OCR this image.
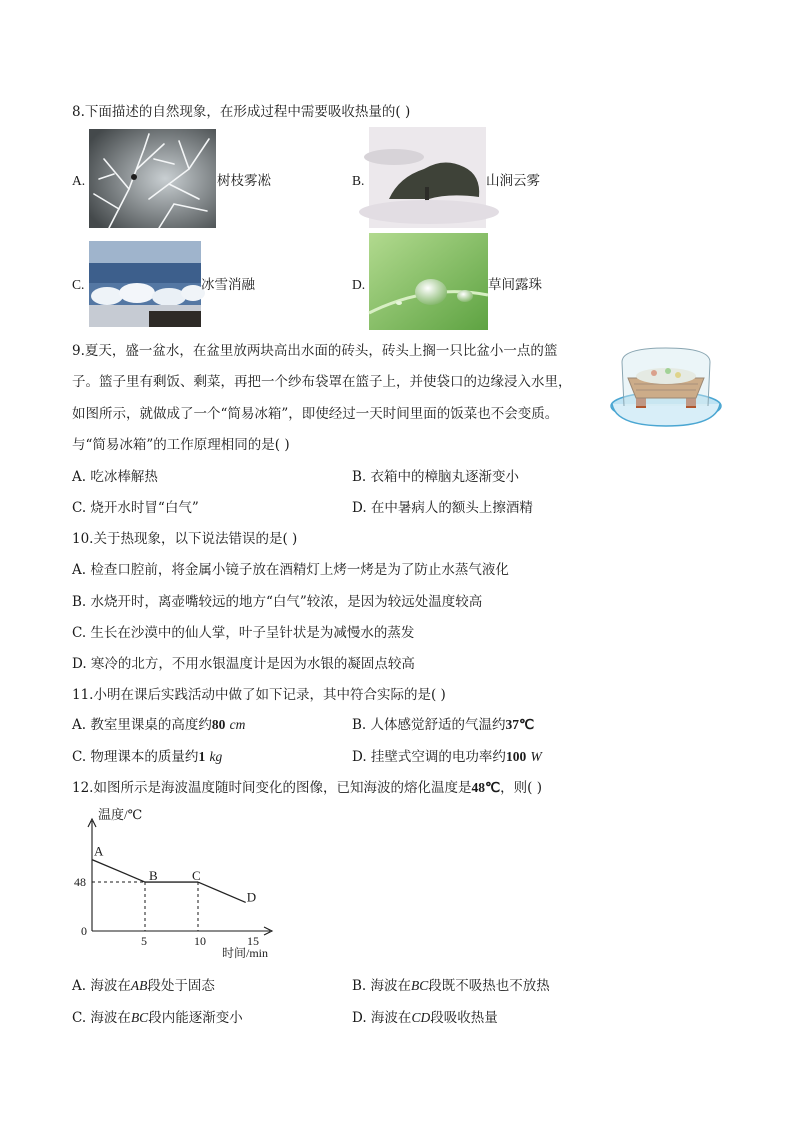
8.下面描述的自然现象，在形成过程中需要吸收热量的( )
A.	树枝雾凇	B.	山涧云雾
C.	冰雪消融	D.	草间露珠
9.夏天，盛一盆水，在盆里放两块高出水面的砖头，砖头上搁一只比盆小一点的篮
子。篮子里有剩饭、剩菜，再把一个纱布袋罩在篮子上，并使袋口的边缘浸入水里，
如图所示，就做成了一个“简易冰箱”，即使经过一天时间里面的饭菜也不会变质。
与“简易冰箱”的工作原理相同的是( )
A. 吃冰棒解热	B. 衣箱中的樟脑丸逐渐变小
C. 烧开水时冒“白气”	D. 在中暑病人的额头上擦酒精
10.关于热现象，以下说法错误的是( )
A. 检查口腔前，将金属小镜子放在酒精灯上烤一烤是为了防止水蒸气液化
B. 水烧开时，离壶嘴较远的地方“白气”较浓，是因为较远处温度较高
C. 生长在沙漠中的仙人掌，叶子呈针状是为减慢水的蒸发
D. 寒冷的北方，不用水银温度计是因为水银的凝固点较高
11.小明在课后实践活动中做了如下记录，其中符合实际的是( )
A. 教室里课桌的高度约80 cm	B. 人体感觉舒适的气温约37℃
C. 物理课本的质量约1 kg	D. 挂壁式空调的电功率约100 W
12.如图所示是海波温度随时间变化的图像，已知海波的熔化温度是48℃，则( )
温度/℃
时间/min
0
A
B	C
D
5	10	15
48
A. 海波在AB段处于固态	B. 海波在BC段既不吸热也不放热
C. 海波在BC段内能逐渐变小	D. 海波在CD段吸收热量
